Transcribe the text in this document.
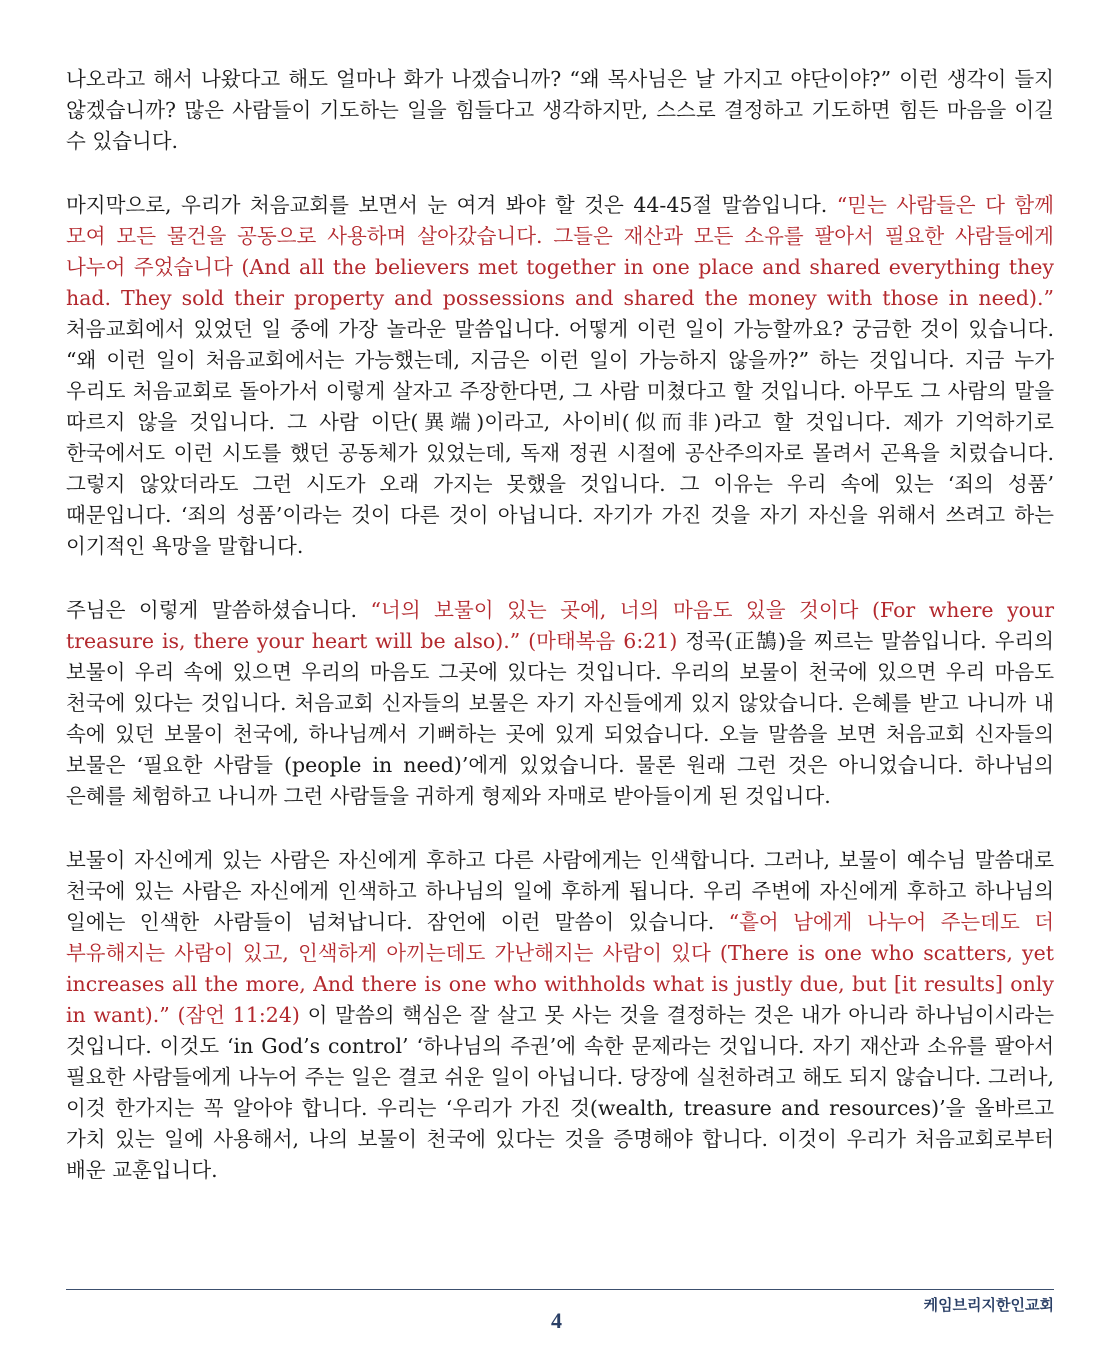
나오라고 해서 나왔다고 해도 얼마나 화가 나겠습니까? “왜 목사님은 날 가지고 야단이야?” 이런 생각이 들지 않겠습니까? 많은 사람들이 기도하는 일을 힘들다고 생각하지만, 스스로 결정하고 기도하면 힘든 마음을 이길 수 있습니다.

마지막으로, 우리가 처음교회를 보면서 눈 여겨 봐야 할 것은 44-45절 말씀입니다. “믿는 사람들은 다 함께 모여 모든 물건을 공동으로 사용하며 살아갔습니다. 그들은 재산과 모든 소유를 팔아서 필요한 사람들에게 나누어 주었습니다 (And all the believers met together in one place and shared everything they had. They sold their property and possessions and shared the money with those in need).” 처음교회에서 있었던 일 중에 가장 놀라운 말씀입니다. 어떻게 이런 일이 가능할까요? 궁금한 것이 있습니다. “왜 이런 일이 처음교회에서는 가능했는데, 지금은 이런 일이 가능하지 않을까?” 하는 것입니다. 지금 누가 우리도 처음교회로 돌아가서 이렇게 살자고 주장한다면, 그 사람 미쳤다고 할 것입니다. 아무도 그 사람의 말을 따르지 않을 것입니다. 그 사람 이단(異端)이라고, 사이비(似而非)라고 할 것입니다. 제가 기억하기로 한국에서도 이런 시도를 했던 공동체가 있었는데, 독재 정권 시절에 공산주의자로 몰려서 곤욕을 치렀습니다. 그렇지 않았더라도 그런 시도가 오래 가지는 못했을 것입니다. 그 이유는 우리 속에 있는 ‘죄의 성품’ 때문입니다. ‘죄의 성품’이라는 것이 다른 것이 아닙니다. 자기가 가진 것을 자기 자신을 위해서 쓰려고 하는 이기적인 욕망을 말합니다.

주님은 이렇게 말씀하셨습니다. “너의 보물이 있는 곳에, 너의 마음도 있을 것이다 (For where your treasure is, there your heart will be also).” (마태복음 6:21) 정곡(正鵠)을 찌르는 말씀입니다. 우리의 보물이 우리 속에 있으면 우리의 마음도 그곳에 있다는 것입니다. 우리의 보물이 천국에 있으면 우리 마음도 천국에 있다는 것입니다. 처음교회 신자들의 보물은 자기 자신들에게 있지 않았습니다. 은혜를 받고 나니까 내 속에 있던 보물이 천국에, 하나님께서 기뻐하는 곳에 있게 되었습니다. 오늘 말씀을 보면 처음교회 신자들의 보물은 ‘필요한 사람들 (people in need)’에게 있었습니다. 물론 원래 그런 것은 아니었습니다. 하나님의 은혜를 체험하고 나니까 그런 사람들을 귀하게 형제와 자매로 받아들이게 된 것입니다.

보물이 자신에게 있는 사람은 자신에게 후하고 다른 사람에게는 인색합니다. 그러나, 보물이 예수님 말씀대로 천국에 있는 사람은 자신에게 인색하고 하나님의 일에 후하게 됩니다. 우리 주변에 자신에게 후하고 하나님의 일에는 인색한 사람들이 넘쳐납니다. 잠언에 이런 말씀이 있습니다. “흩어 남에게 나누어 주는데도 더 부유해지는 사람이 있고, 인색하게 아끼는데도 가난해지는 사람이 있다 (There is one who scatters, yet increases all the more, And there is one who withholds what is justly due, but [it results] only in want).” (잠언 11:24) 이 말씀의 핵심은 잘 살고 못 사는 것을 결정하는 것은 내가 아니라 하나님이시라는 것입니다. 이것도 ‘in God’s control’ ‘하나님의 주권’에 속한 문제라는 것입니다. 자기 재산과 소유를 팔아서 필요한 사람들에게 나누어 주는 일은 결코 쉬운 일이 아닙니다. 당장에 실천하려고 해도 되지 않습니다. 그러나, 이것 한가지는 꼭 알아야 합니다. 우리는 ‘우리가 가진 것(wealth, treasure and resources)’을 올바르고 가치 있는 일에 사용해서, 나의 보물이 천국에 있다는 것을 증명해야 합니다. 이것이 우리가 처음교회로부터 배운 교훈입니다.

케임브리지한인교회
4
